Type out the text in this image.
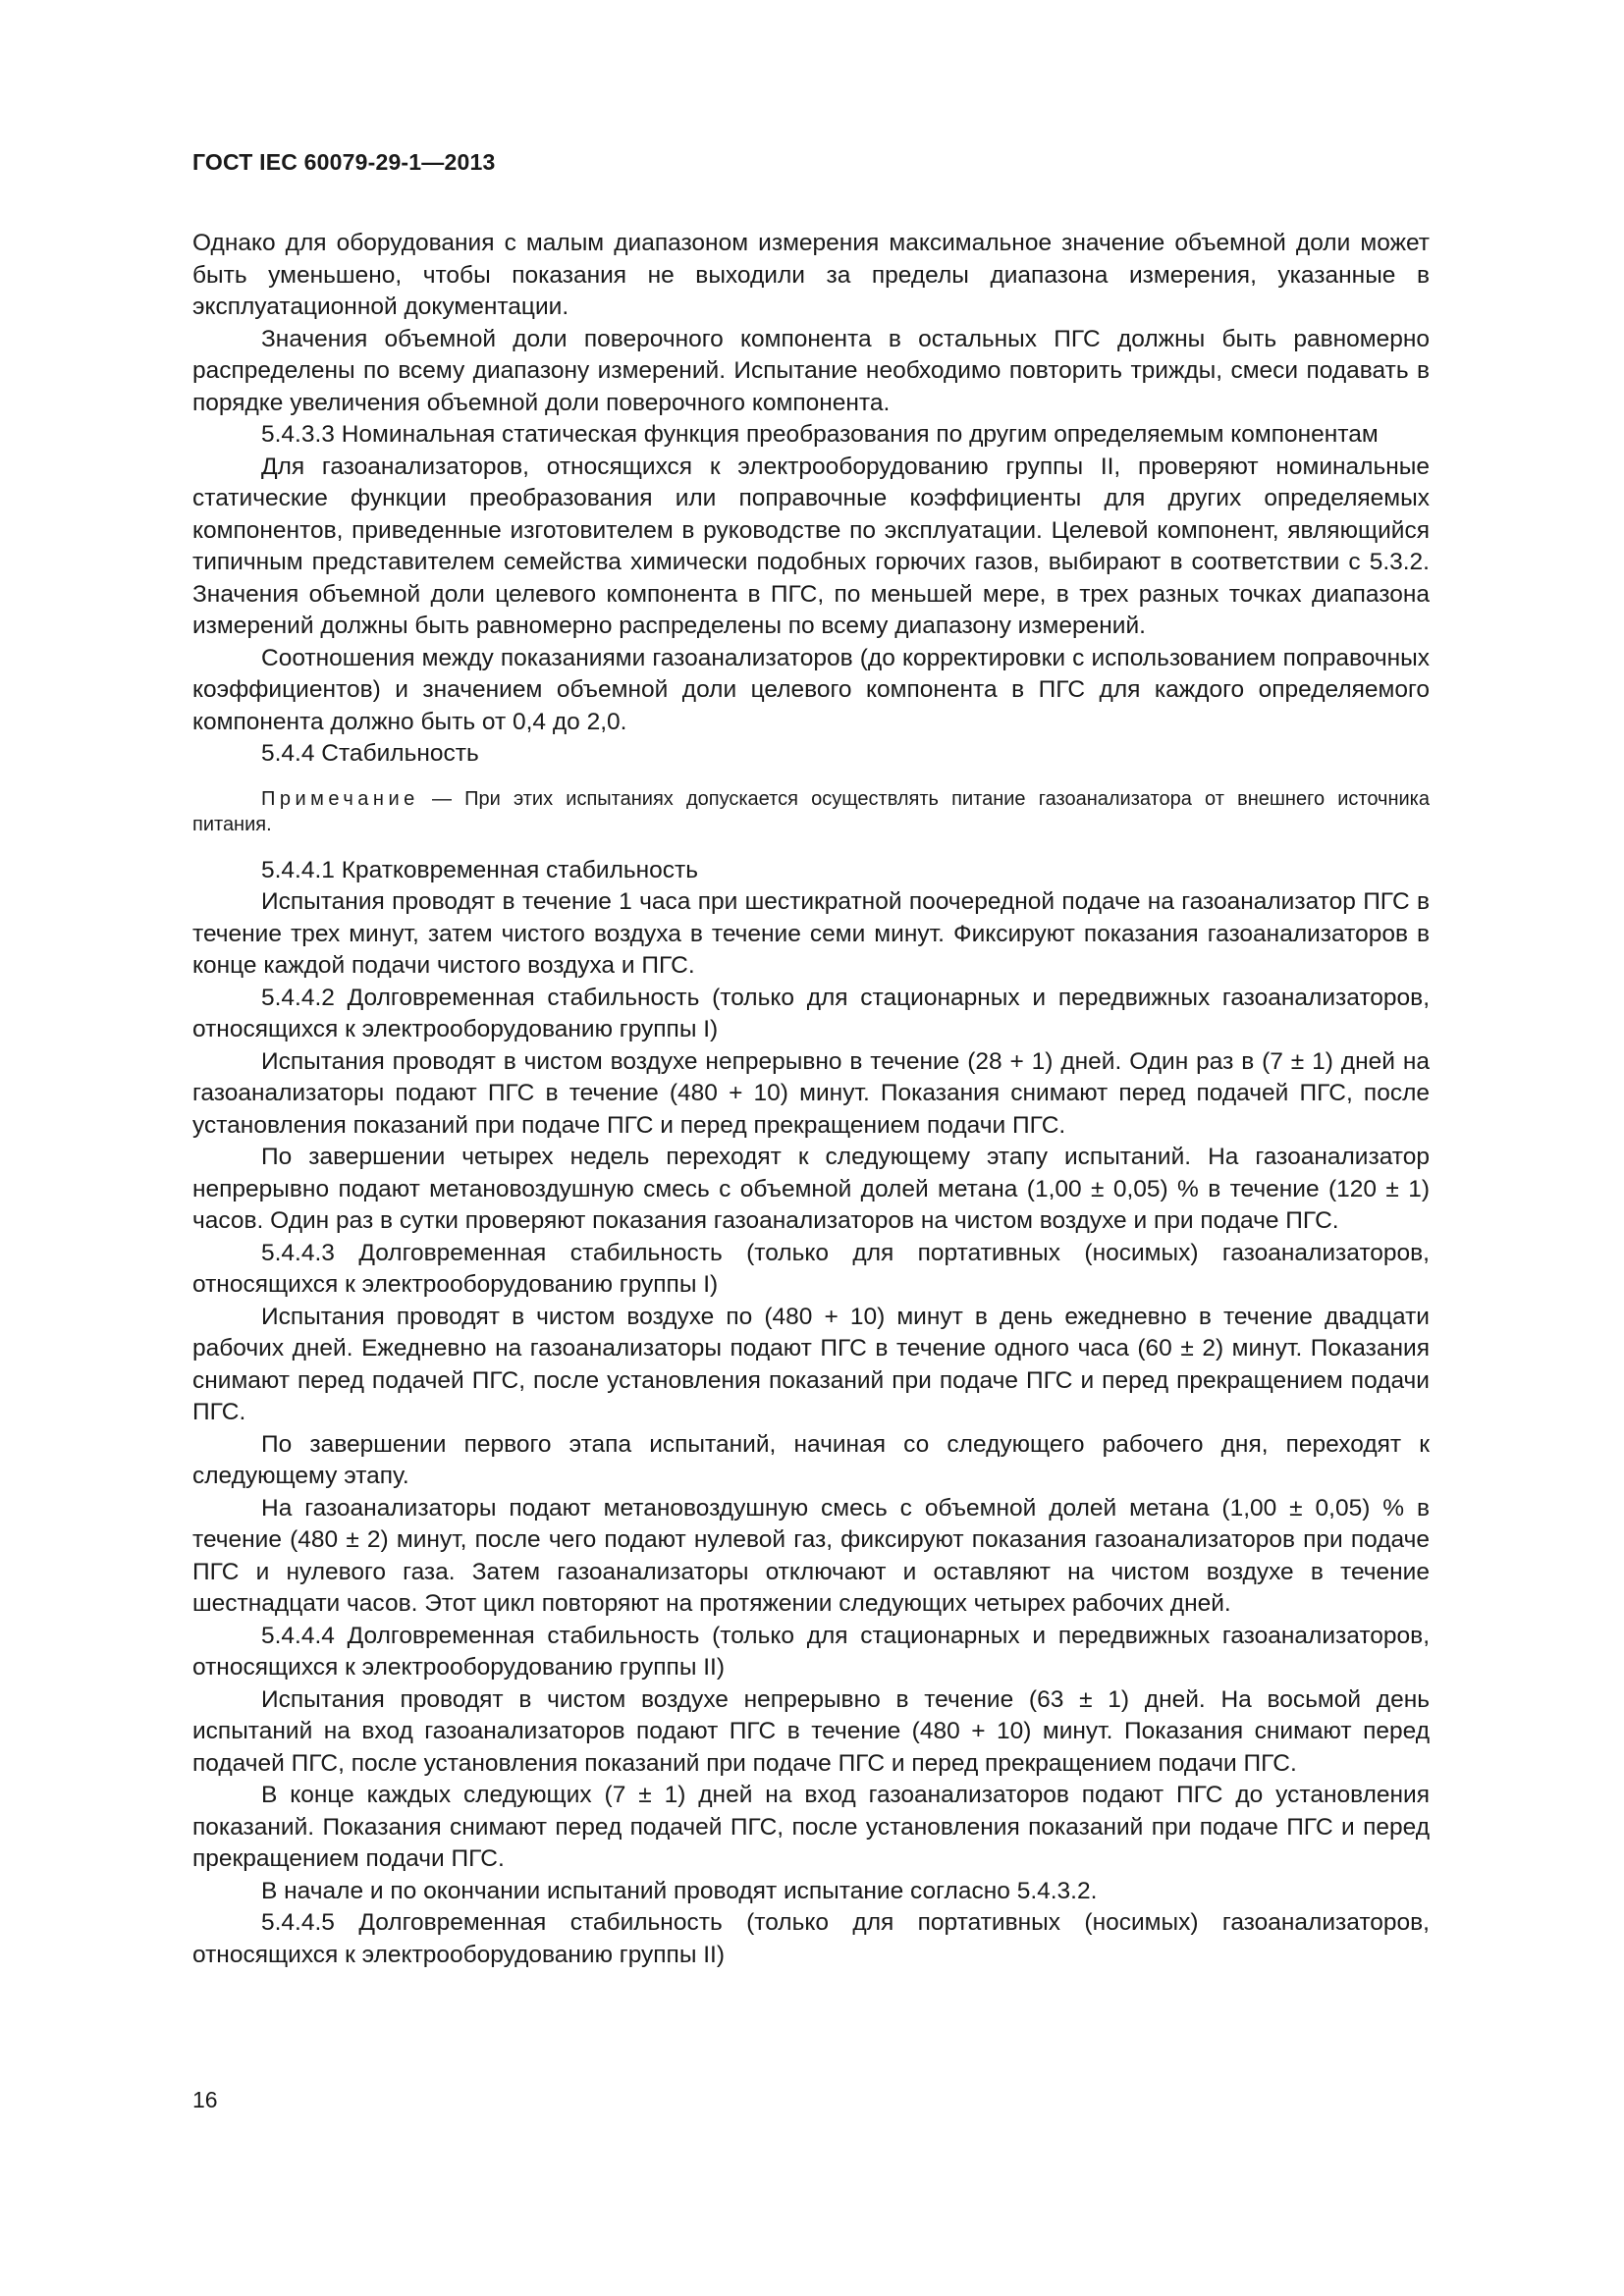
ГОСТ IEC 60079-29-1—2013

Однако для оборудования с малым диапазоном измерения максимальное значение объемной доли может быть уменьшено, чтобы показания не выходили за пределы диапазона измерения, указанные в эксплуатационной документации.

Значения объемной доли поверочного компонента в остальных ПГС должны быть равномерно распределены по всему диапазону измерений. Испытание необходимо повторить трижды, смеси подавать в порядке увеличения объемной доли поверочного компонента.

5.4.3.3 Номинальная статическая функция преобразования по другим определяемым компонентам

Для газоанализаторов, относящихся к электрооборудованию группы II, проверяют номинальные статические функции преобразования или поправочные коэффициенты для других определяемых компонентов, приведенные изготовителем в руководстве по эксплуатации. Целевой компонент, являющийся типичным представителем семейства химически подобных горючих газов, выбирают в соответствии с 5.3.2. Значения объемной доли целевого компонента в ПГС, по меньшей мере, в трех разных точках диапазона измерений должны быть равномерно распределены по всему диапазону измерений.

Соотношения между показаниями газоанализаторов (до корректировки с использованием поправочных коэффициентов) и значением объемной доли целевого компонента в ПГС для каждого определяемого компонента должно быть от 0,4 до 2,0.

5.4.4 Стабильность

Примечание — При этих испытаниях допускается осуществлять питание газоанализатора от внешнего источника питания.

5.4.4.1 Кратковременная стабильность

Испытания проводят в течение 1 часа при шестикратной поочередной подаче на газоанализатор ПГС в течение трех минут, затем чистого воздуха в течение семи минут. Фиксируют показания газоанализаторов в конце каждой подачи чистого воздуха и ПГС.

5.4.4.2 Долговременная стабильность (только для стационарных и передвижных газоанализаторов, относящихся к электрооборудованию группы I)

Испытания проводят в чистом воздухе непрерывно в течение (28 + 1) дней. Один раз в (7 ± 1) дней на газоанализаторы подают ПГС в течение (480 + 10) минут. Показания снимают перед подачей ПГС, после установления показаний при подаче ПГС и перед прекращением подачи ПГС.

По завершении четырех недель переходят к следующему этапу испытаний. На газоанализатор непрерывно подают метановоздушную смесь с объемной долей метана (1,00 ± 0,05) % в течение (120 ± 1) часов. Один раз в сутки проверяют показания газоанализаторов на чистом воздухе и при подаче ПГС.

5.4.4.3 Долговременная стабильность (только для портативных (носимых) газоанализаторов, относящихся к электрооборудованию группы I)

Испытания проводят в чистом воздухе по (480 + 10) минут в день ежедневно в течение двадцати рабочих дней. Ежедневно на газоанализаторы подают ПГС в течение одного часа (60 ± 2) минут. Показания снимают перед подачей ПГС, после установления показаний при подаче ПГС и перед прекращением подачи ПГС.

По завершении первого этапа испытаний, начиная со следующего рабочего дня, переходят к следующему этапу.

На газоанализаторы подают метановоздушную смесь с объемной долей метана (1,00 ± 0,05) % в течение (480 ± 2) минут, после чего подают нулевой газ, фиксируют показания газоанализаторов при подаче ПГС и нулевого газа. Затем газоанализаторы отключают и оставляют на чистом воздухе в течение шестнадцати часов. Этот цикл повторяют на протяжении следующих четырех рабочих дней.

5.4.4.4 Долговременная стабильность (только для стационарных и передвижных газоанализаторов, относящихся к электрооборудованию группы II)

Испытания проводят в чистом воздухе непрерывно в течение (63 ± 1) дней. На восьмой день испытаний на вход газоанализаторов подают ПГС в течение (480 + 10) минут. Показания снимают перед подачей ПГС, после установления показаний при подаче ПГС и перед прекращением подачи ПГС.

В конце каждых следующих (7 ± 1) дней на вход газоанализаторов подают ПГС до установления показаний. Показания снимают перед подачей ПГС, после установления показаний при подаче ПГС и перед прекращением подачи ПГС.

В начале и по окончании испытаний проводят испытание согласно 5.4.3.2.

5.4.4.5 Долговременная стабильность (только для портативных (носимых) газоанализаторов, относящихся к электрооборудованию группы II)

16
